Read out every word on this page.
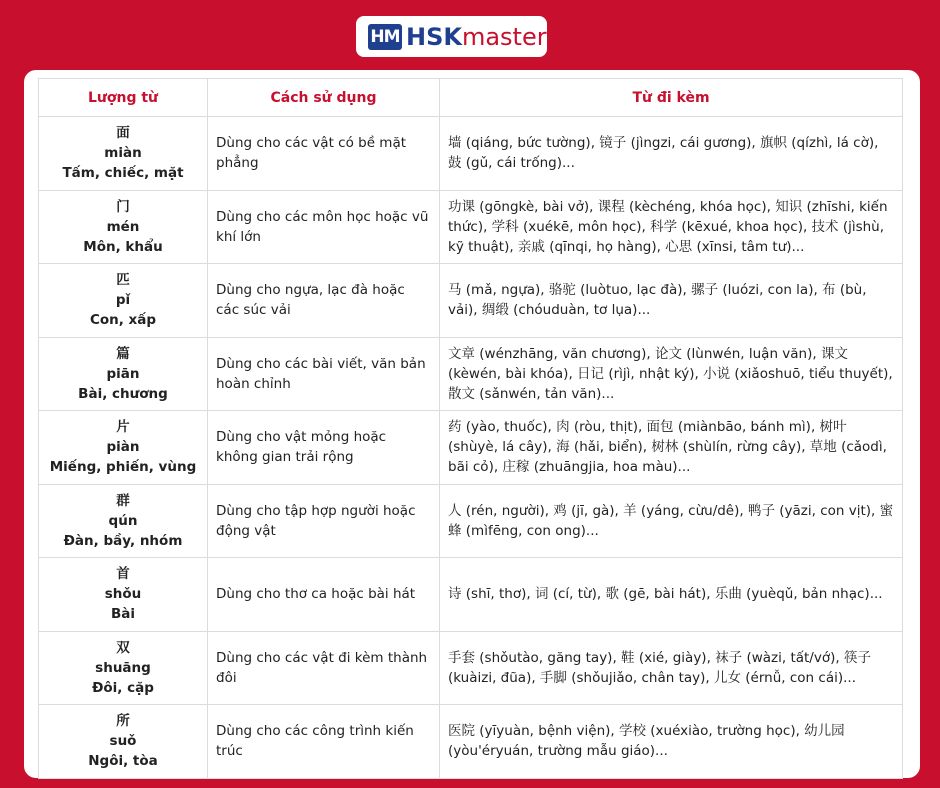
HM HSKmaster
Lượng từ	Cách sử dụng	Từ đi kèm

面
miàn
Tấm, chiếc, mặt	Dùng cho các vật có bề mặt phẳng	墙 (qiáng, bức tường), 镜子 (jìngzi, cái gương), 旗帜 (qízhì, lá cờ), 鼓 (gǔ, cái trống)...

门
mén
Môn, khẩu	Dùng cho các môn học hoặc vũ khí lớn	功课 (gōngkè, bài vở), 课程 (kèchéng, khóa học), 知识 (zhīshi, kiến thức), 学科 (xuékē, môn học), 科学 (kēxué, khoa học), 技术 (jìshù, kỹ thuật), 亲戚 (qīnqi, họ hàng), 心思 (xīnsi, tâm tư)...

匹
pǐ
Con, xấp	Dùng cho ngựa, lạc đà hoặc các súc vải	马 (mǎ, ngựa), 骆驼 (luòtuo, lạc đà), 骡子 (luózi, con la), 布 (bù, vải), 绸缎 (chóuduàn, tơ lụa)...

篇
piān
Bài, chương	Dùng cho các bài viết, văn bản hoàn chỉnh	文章 (wénzhāng, văn chương), 论文 (lùnwén, luận văn), 课文 (kèwén, bài khóa), 日记 (rìjì, nhật ký), 小说 (xiǎoshuō, tiểu thuyết), 散文 (sǎnwén, tản văn)...

片
piàn
Miếng, phiến, vùng	Dùng cho vật mỏng hoặc không gian trải rộng	药 (yào, thuốc), 肉 (ròu, thịt), 面包 (miànbāo, bánh mì), 树叶 (shùyè, lá cây), 海 (hǎi, biển), 树林 (shùlín, rừng cây), 草地 (cǎodì, bãi cỏ), 庄稼 (zhuāngjia, hoa màu)...

群
qún
Đàn, bầy, nhóm	Dùng cho tập hợp người hoặc động vật	人 (rén, người), 鸡 (jī, gà), 羊 (yáng, cừu/dê), 鸭子 (yāzi, con vịt), 蜜蜂 (mìfēng, con ong)...

首
shǒu
Bài	Dùng cho thơ ca hoặc bài hát	诗 (shī, thơ), 词 (cí, từ), 歌 (gē, bài hát), 乐曲 (yuèqǔ, bản nhạc)...

双
shuāng
Đôi, cặp	Dùng cho các vật đi kèm thành đôi	手套 (shǒutào, găng tay), 鞋 (xié, giày), 袜子 (wàzi, tất/vớ), 筷子 (kuàizi, đũa), 手脚 (shǒujiǎo, chân tay), 儿女 (érnǚ, con cái)...

所
suǒ
Ngôi, tòa	Dùng cho các công trình kiến trúc	医院 (yīyuàn, bệnh viện), 学校 (xuéxiào, trường học), 幼儿园 (yòu'éryuán, trường mẫu giáo)...
